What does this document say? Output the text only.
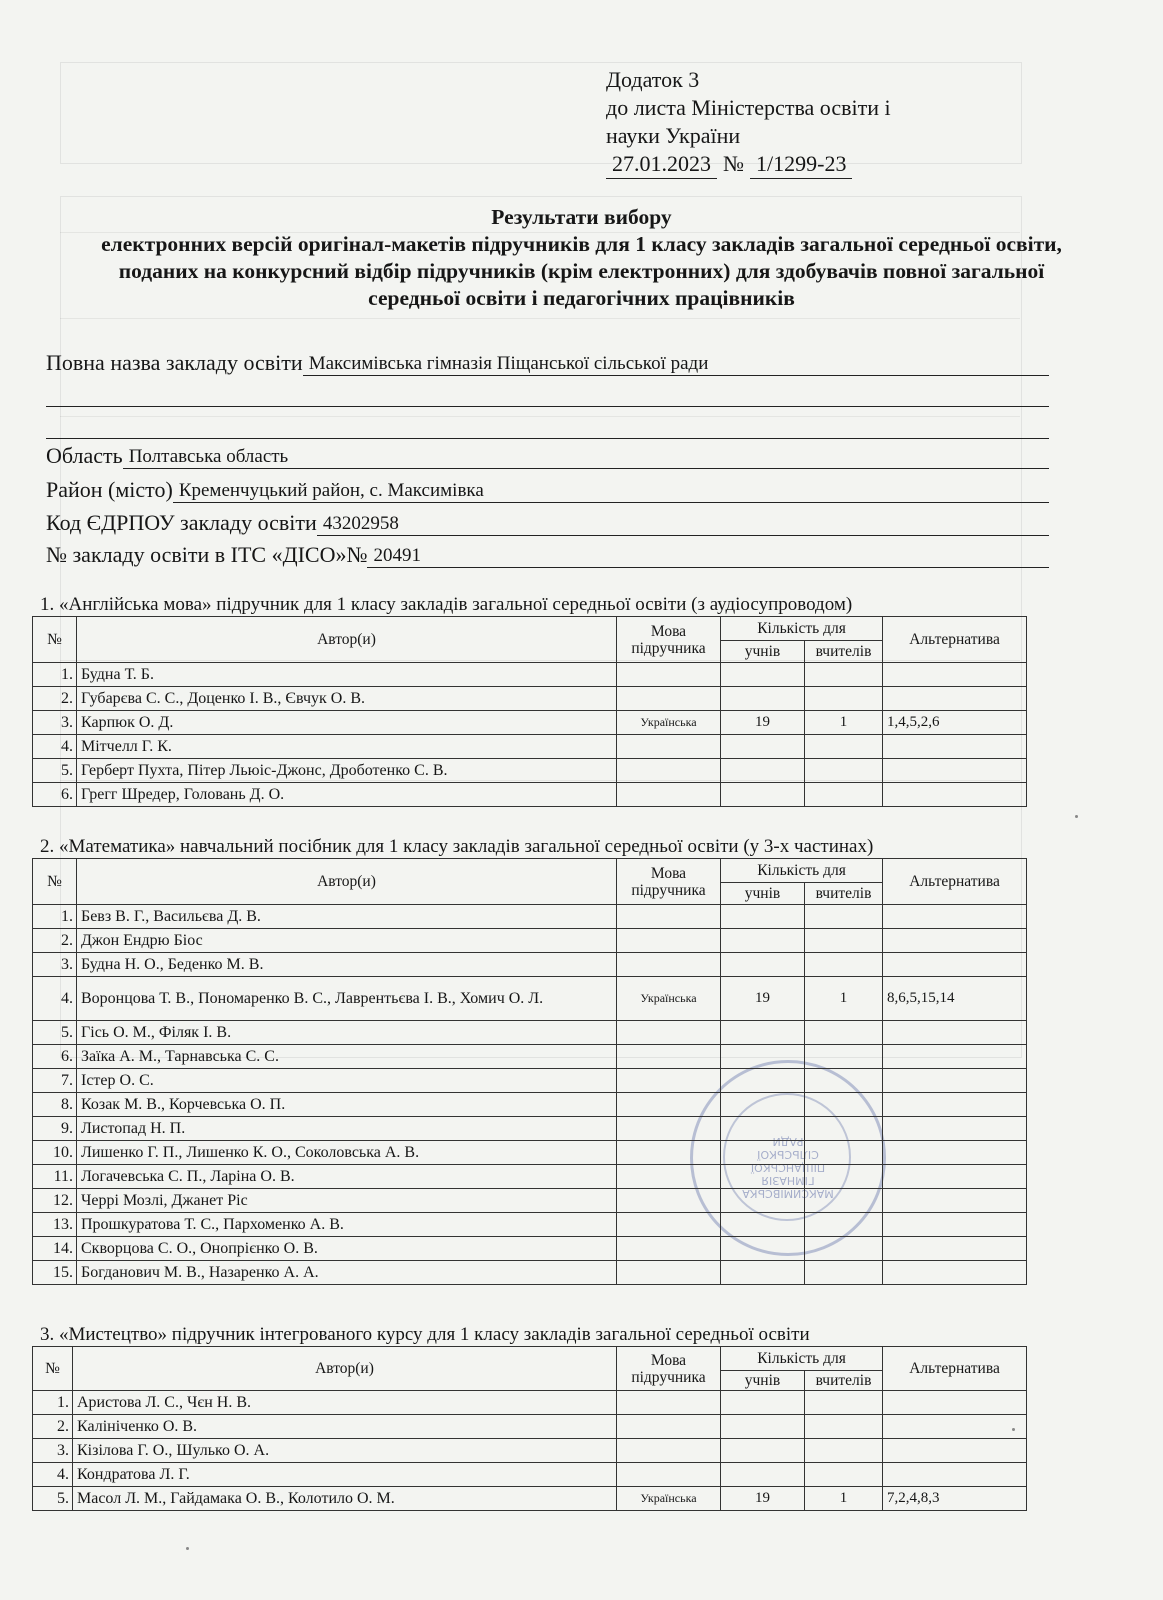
МАКСИМІВСЬКА
ГІМНАЗІЯ
ПІЩАНСЬКОЇ
СІЛЬСЬКОЇ
РАДИ
Додаток 3
до листа Міністерства освіти і
науки України
27.01.2023 № 1/1299-23
Результати вибору
електронних версій оригінал-макетів підручників для 1 класу закладів загальної середньої освіти, поданих на конкурсний відбір підручників (крім електронних) для здобувачів повної загальної середньої освіти і педагогічних працівників
Повна назва закладу освіти Максимівська гімназія Піщанської сільської ради
Область Полтавська область
Район (місто) Кременчуцький район, с. Максимівка
Код ЄДРПОУ закладу освіти 43202958
№ закладу освіти в ІТС «ДІСО»№ 20491
1. «Англійська мова» підручник для 1 класу закладів загальної середньої освіти (з аудіосупроводом)
№	Автор(и)	Мова підручника	Кількість для		Альтернатива
			учнів	вчителів	
1.	Будна Т. Б.				
2.	Губарєва С. С., Доценко І. В., Євчук О. В.				
3.	Карпюк О. Д.	Українська	19	1	1,4,5,2,6
4.	Мітчелл Г. К.				
5.	Герберт Пухта, Пітер Льюіс-Джонс, Дроботенко С. В.				
6.	Грегг Шредер, Головань Д. О.				
2. «Математика» навчальний посібник для 1 класу закладів загальної середньої освіти (у 3-х частинах)
№	Автор(и)	Мова підручника	Кількість для		Альтернатива
			учнів	вчителів	
1.	Бевз В. Г., Васильєва Д. В.				
2.	Джон Ендрю Біос				
3.	Будна Н. О., Беденко М. В.				
4.	Воронцова Т. В., Пономаренко В. С., Лаврентьєва І. В., Хомич О. Л.	Українська	19	1	8,6,5,15,14
5.	Гісь О. М., Філяк І. В.				
6.	Заїка А. М., Тарнавська С. С.				
7.	Істер О. С.				
8.	Козак М. В., Корчевська О. П.				
9.	Листопад Н. П.				
10.	Лишенко Г. П., Лишенко К. О., Соколовська А. В.				
11.	Логачевська С. П., Ларіна О. В.				
12.	Черрі Мозлі, Джанет Ріс				
13.	Прошкуратова Т. С., Пархоменко А. В.				
14.	Скворцова С. О., Онопрієнко О. В.				
15.	Богданович М. В., Назаренко А. А.				
3. «Мистецтво» підручник інтегрованого курсу для 1 класу закладів загальної середньої освіти
№	Автор(и)	Мова підручника	Кількість для		Альтернатива
			учнів	вчителів	
1.	Аристова Л. С., Чєн Н. В.				
2.	Калініченко О. В.				
3.	Кізілова Г. О., Шулько О. А.				
4.	Кондратова Л. Г.				
5.	Масол Л. М., Гайдамака О. В., Колотило О. М.	Українська	19	1	7,2,4,8,3
